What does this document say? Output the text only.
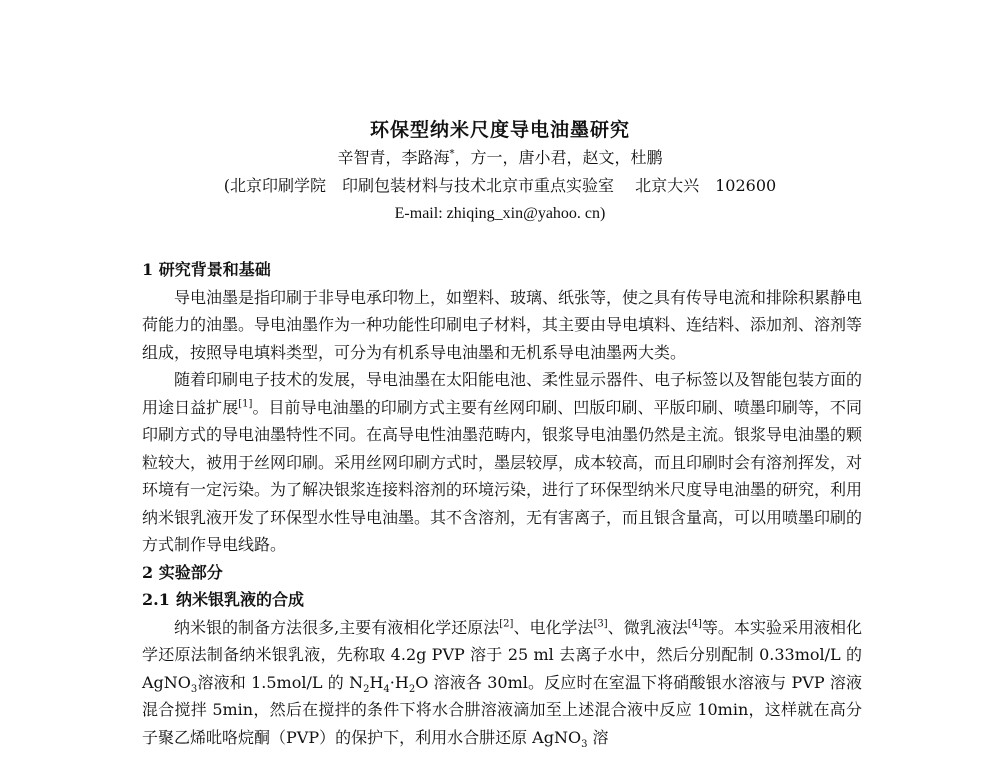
环保型纳米尺度导电油墨研究
辛智青，李路海*，方一，唐小君，赵文，杜鹏
(北京印刷学院　印刷包装材料与技术北京市重点实验室　 北京大兴　102600
E-mail: zhiqing_xin@yahoo. cn)
1 研究背景和基础

导电油墨是指印刷于非导电承印物上，如塑料、玻璃、纸张等，使之具有传导电流和排除积累静电荷能力的油墨。导电油墨作为一种功能性印刷电子材料，其主要由导电填料、连结料、添加剂、溶剂等组成，按照导电填料类型，可分为有机系导电油墨和无机系导电油墨两大类。

随着印刷电子技术的发展，导电油墨在太阳能电池、柔性显示器件、电子标签以及智能包装方面的用途日益扩展[1]。目前导电油墨的印刷方式主要有丝网印刷、凹版印刷、平版印刷、喷墨印刷等，不同印刷方式的导电油墨特性不同。在高导电性油墨范畴内，银浆导电油墨仍然是主流。银浆导电油墨的颗粒较大，被用于丝网印刷。采用丝网印刷方式时，墨层较厚，成本较高，而且印刷时会有溶剂挥发，对环境有一定污染。为了解决银浆连接料溶剂的环境污染，进行了环保型纳米尺度导电油墨的研究，利用纳米银乳液开发了环保型水性导电油墨。其不含溶剂，无有害离子，而且银含量高，可以用喷墨印刷的方式制作导电线路。

2 实验部分
2.1 纳米银乳液的合成

纳米银的制备方法很多,主要有液相化学还原法[2]、电化学法[3]、微乳液法[4]等。本实验采用液相化学还原法制备纳米银乳液，先称取 4.2g PVP 溶于 25 ml 去离子水中，然后分别配制 0.33mol/L 的 AgNO$_3$溶液和 1.5mol/L 的 $N_2H_4\cdot H_2O$ 溶液各 30ml。反应时在室温下将硝酸银水溶液与 PVP 溶液混合搅拌 5min，然后在搅拌的条件下将水合肼溶液滴加至上述混合液中反应 10min，这样就在高分子聚乙烯吡咯烷酮（PVP）的保护下，利用水合肼还原 AgNO$_3$ 溶
